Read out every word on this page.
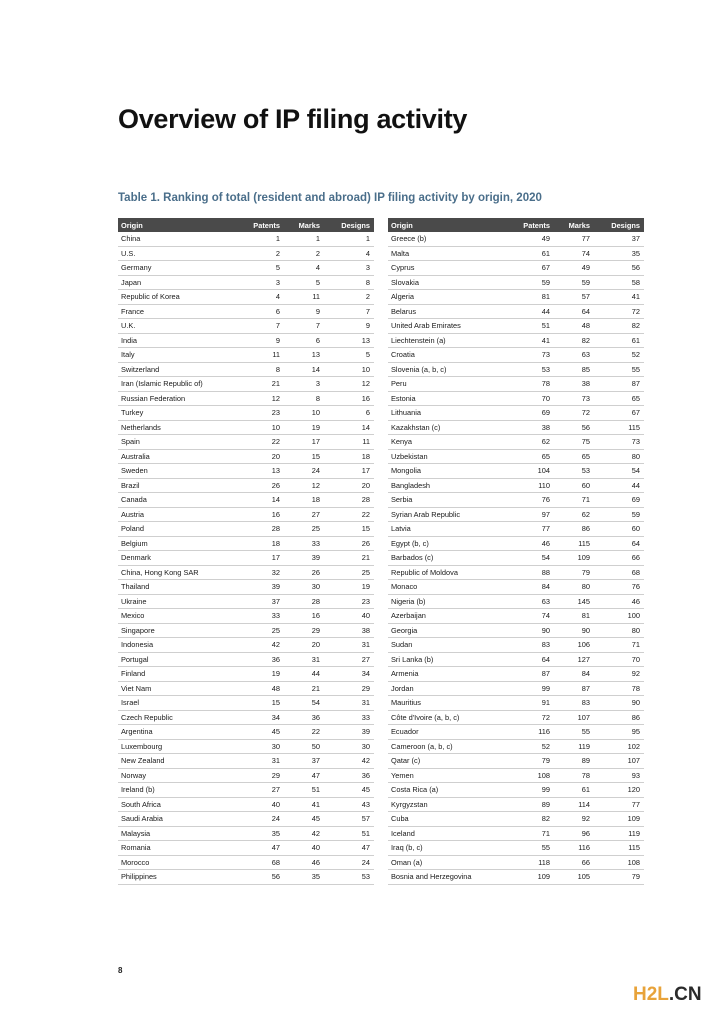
Overview of IP filing activity
Table 1. Ranking of total (resident and abroad) IP filing activity by origin, 2020
Origin	Patents	Marks	Designs
China	1	1	1
U.S.	2	2	4
Germany	5	4	3
Japan	3	5	8
Republic of Korea	4	11	2
France	6	9	7
U.K.	7	7	9
India	9	6	13
Italy	11	13	5
Switzerland	8	14	10
Iran (Islamic Republic of)	21	3	12
Russian Federation	12	8	16
Turkey	23	10	6
Netherlands	10	19	14
Spain	22	17	11
Australia	20	15	18
Sweden	13	24	17
Brazil	26	12	20
Canada	14	18	28
Austria	16	27	22
Poland	28	25	15
Belgium	18	33	26
Denmark	17	39	21
China, Hong Kong SAR	32	26	25
Thailand	39	30	19
Ukraine	37	28	23
Mexico	33	16	40
Singapore	25	29	38
Indonesia	42	20	31
Portugal	36	31	27
Finland	19	44	34
Viet Nam	48	21	29
Israel	15	54	31
Czech Republic	34	36	33
Argentina	45	22	39
Luxembourg	30	50	30
New Zealand	31	37	42
Norway	29	47	36
Ireland (b)	27	51	45
South Africa	40	41	43
Saudi Arabia	24	45	57
Malaysia	35	42	51
Romania	47	40	47
Morocco	68	46	24
Philippines	56	35	53
Origin	Patents	Marks	Designs
Greece (b)	49	77	37
Malta	61	74	35
Cyprus	67	49	56
Slovakia	59	59	58
Algeria	81	57	41
Belarus	44	64	72
United Arab Emirates	51	48	82
Liechtenstein (a)	41	82	61
Croatia	73	63	52
Slovenia (a, b, c)	53	85	55
Peru	78	38	87
Estonia	70	73	65
Lithuania	69	72	67
Kazakhstan (c)	38	56	115
Kenya	62	75	73
Uzbekistan	65	65	80
Mongolia	104	53	54
Bangladesh	110	60	44
Serbia	76	71	69
Syrian Arab Republic	97	62	59
Latvia	77	86	60
Egypt (b, c)	46	115	64
Barbados (c)	54	109	66
Republic of Moldova	88	79	68
Monaco	84	80	76
Nigeria (b)	63	145	46
Azerbaijan	74	81	100
Georgia	90	90	80
Sudan	83	106	71
Sri Lanka (b)	64	127	70
Armenia	87	84	92
Jordan	99	87	78
Mauritius	91	83	90
Côte d'Ivoire (a, b, c)	72	107	86
Ecuador	116	55	95
Cameroon (a, b, c)	52	119	102
Qatar (c)	79	89	107
Yemen	108	78	93
Costa Rica (a)	99	61	120
Kyrgyzstan	89	114	77
Cuba	82	92	109
Iceland	71	96	119
Iraq (b, c)	55	116	115
Oman (a)	118	66	108
Bosnia and Herzegovina	109	105	79
8
H2L.CN
